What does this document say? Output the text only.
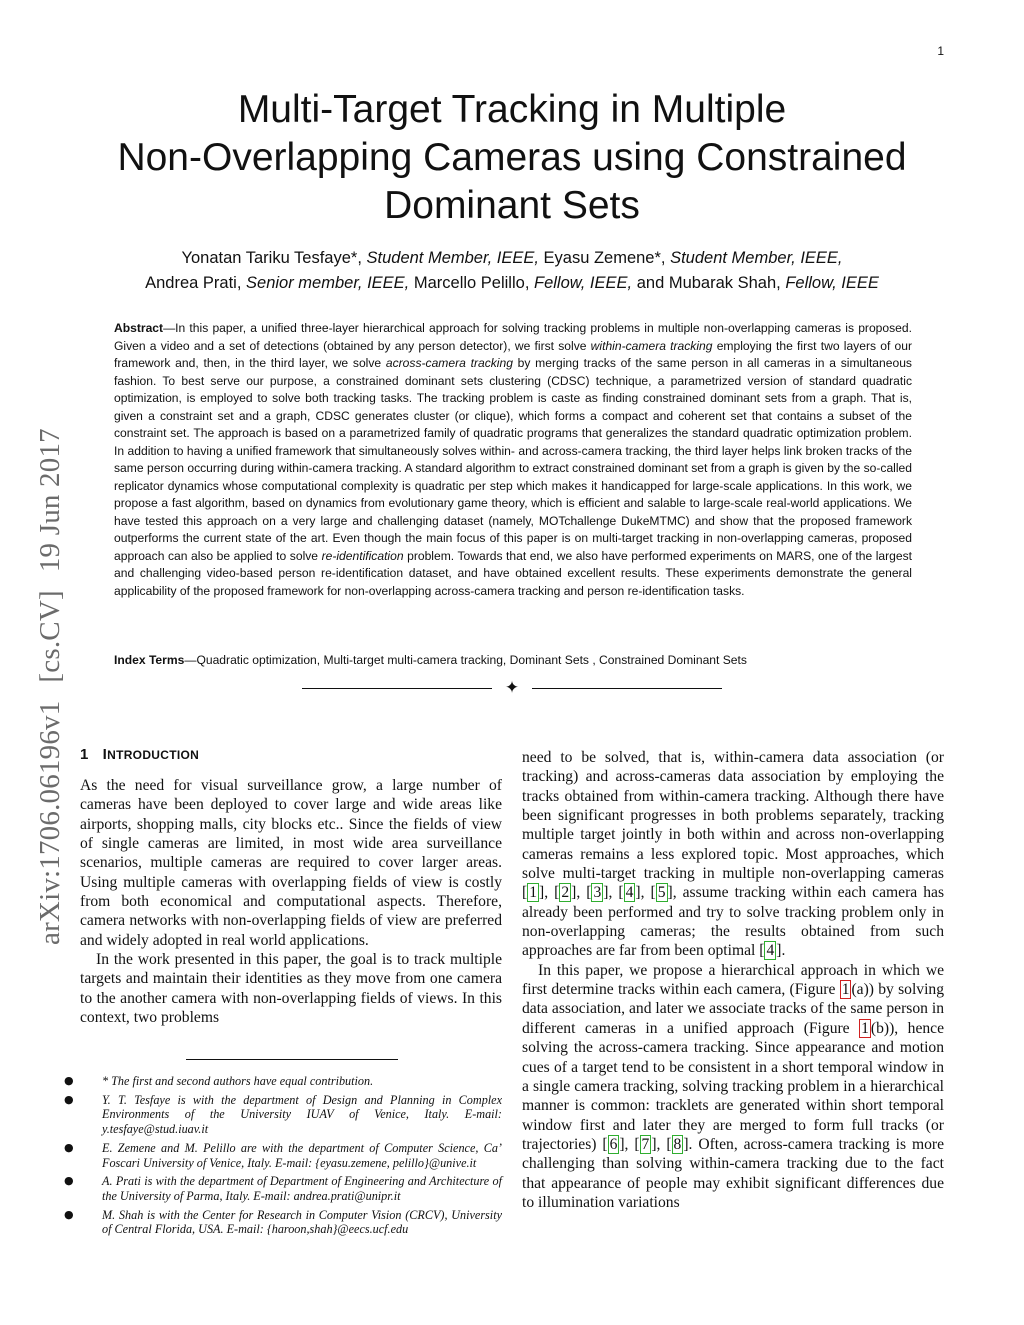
1
arXiv:1706.06196v1
[cs.CV]
19 Jun 2017
Multi-Target Tracking in Multiple
Non-Overlapping Cameras using Constrained
Dominant Sets

Yonatan Tariku Tesfaye*, Student Member, IEEE, Eyasu Zemene*, Student Member, IEEE,

Andrea Prati, Senior member, IEEE, Marcello Pelillo, Fellow, IEEE, and Mubarak Shah, Fellow, IEEE

Abstract—In this paper, a unified three-layer hierarchical approach for solving tracking problems in multiple non-overlapping cameras is proposed. Given a video and a set of detections (obtained by any person detector), we first solve within-camera tracking employing the first two layers of our framework and, then, in the third layer, we solve across-camera tracking by merging tracks of the same person in all cameras in a simultaneous fashion. To best serve our purpose, a constrained dominant sets clustering (CDSC) technique, a parametrized version of standard quadratic optimization, is employed to solve both tracking tasks. The tracking problem is caste as finding constrained dominant sets from a graph. That is, given a constraint set and a graph, CDSC generates cluster (or clique), which forms a compact and coherent set that contains a subset of the constraint set. The approach is based on a parametrized family of quadratic programs that generalizes the standard quadratic optimization problem. In addition to having a unified framework that simultaneously solves within- and across-camera tracking, the third layer helps link broken tracks of the same person occurring during within-camera tracking. A standard algorithm to extract constrained dominant set from a graph is given by the so-called replicator dynamics whose computational complexity is quadratic per step which makes it handicapped for large-scale applications. In this work, we propose a fast algorithm, based on dynamics from evolutionary game theory, which is efficient and salable to large-scale real-world applications. We have tested this approach on a very large and challenging dataset (namely, MOTchallenge DukeMTMC) and show that the proposed framework outperforms the current state of the art. Even though the main focus of this paper is on multi-target tracking in non-overlapping cameras, proposed approach can also be applied to solve re-identification problem. Towards that end, we also have performed experiments on MARS, one of the largest and challenging video-based person re-identification dataset, and have obtained excellent results. These experiments demonstrate the general applicability of the proposed framework for non-overlapping across-camera tracking and person re-identification tasks.

Index Terms—Quadratic optimization, Multi-target multi-camera tracking, Dominant Sets , Constrained Dominant Sets

✦
1 INTRODUCTION

As the need for visual surveillance grow, a large number of cameras have been deployed to cover large and wide areas like airports, shopping malls, city blocks etc.. Since the fields of view of single cameras are limited, in most wide area surveillance scenarios, multiple cameras are required to cover larger areas. Using multiple cameras with overlapping fields of view is costly from both economical and computational aspects. Therefore, camera networks with non-overlapping fields of view are preferred and widely adopted in real world applications.

In the work presented in this paper, the goal is to track multiple targets and maintain their identities as they move from one camera to the another camera with non-overlapping fields of views. In this context, two problems

● * The first and second authors have equal contribution.
● Y. T. Tesfaye is with the department of Design and Planning in Complex Environments of the University IUAV of Venice, Italy. E-mail: y.tesfaye@stud.iuav.it
● E. Zemene and M. Pelillo are with the department of Computer Science, Ca’ Foscari University of Venice, Italy. E-mail: {eyasu.zemene, pelillo}@unive.it
● A. Prati is with the department of Department of Engineering and Architecture of the University of Parma, Italy. E-mail: andrea.prati@unipr.it
● M. Shah is with the Center for Research in Computer Vision (CRCV), University of Central Florida, USA. E-mail: {haroon,shah}@eecs.ucf.edu

need to be solved, that is, within-camera data association (or tracking) and across-cameras data association by employing the tracks obtained from within-camera tracking. Although there have been significant progresses in both problems separately, tracking multiple target jointly in both within and across non-overlapping cameras remains a less explored topic. Most approaches, which solve multi-target tracking in multiple non-overlapping cameras [ 1 ], [ 2 ], [ 3 ], [ 4 ], [ 5 ], assume tracking within each camera has already been performed and try to solve tracking problem only in non-overlapping cameras; the results obtained from such approaches are far from been optimal [ 4 ].

In this paper, we propose a hierarchical approach in which we first determine tracks within each camera, (Figure 1 (a)) by solving data association, and later we associate tracks of the same person in different cameras in a unified approach (Figure 1 (b)), hence solving the across-camera tracking. Since appearance and motion cues of a target tend to be consistent in a short temporal window in a single camera tracking, solving tracking problem in a hierarchical manner is common: tracklets are generated within short temporal window first and later they are merged to form full tracks (or trajectories) [ 6 ], [ 7 ], [ 8 ]. Often, across-camera tracking is more challenging than solving within-camera tracking due to the fact that appearance of people may exhibit significant differences due to illumination variations
